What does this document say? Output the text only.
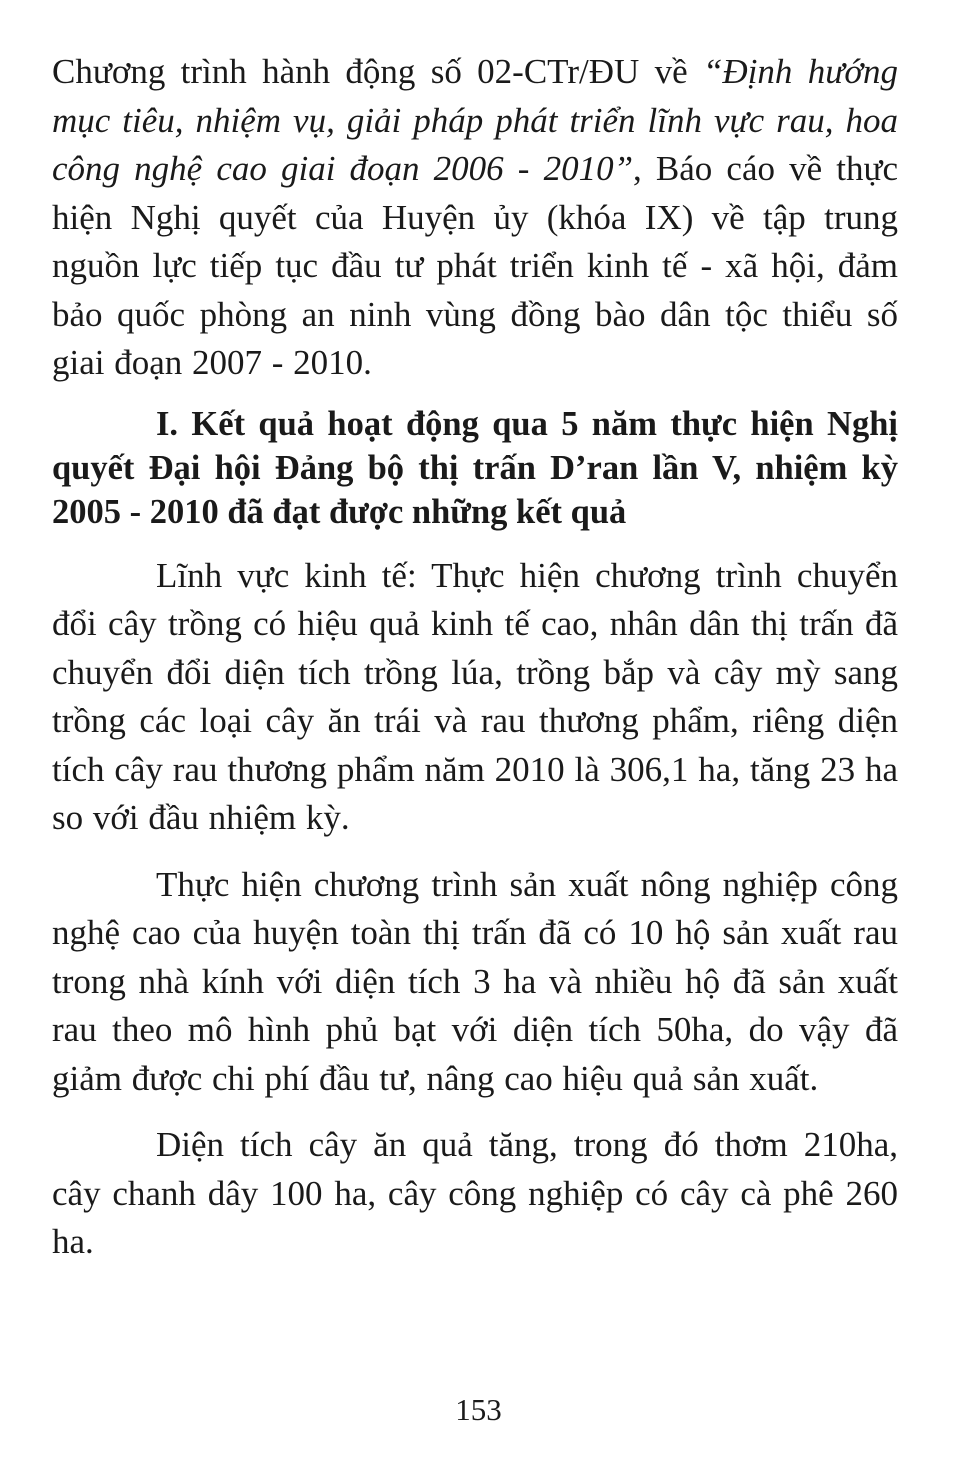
Chương trình hành động số 02-CTr/ĐU về “Định hướng mục tiêu, nhiệm vụ, giải pháp phát triển lĩnh vực rau, hoa công nghệ cao giai đoạn 2006 - 2010”, Báo cáo về thực hiện Nghị quyết của Huyện ủy (khóa IX) về tập trung nguồn lực tiếp tục đầu tư phát triển kinh tế - xã hội, đảm bảo quốc phòng an ninh vùng đồng bào dân tộc thiểu số giai đoạn 2007 - 2010.

I. Kết quả hoạt động qua 5 năm thực hiện Nghị quyết Đại hội Đảng bộ thị trấn D’ran lần V, nhiệm kỳ 2005 - 2010 đã đạt được những kết quả

Lĩnh vực kinh tế: Thực hiện chương trình chuyển đổi cây trồng có hiệu quả kinh tế cao, nhân dân thị trấn đã chuyển đổi diện tích trồng lúa, trồng bắp và cây mỳ sang trồng các loại cây ăn trái và rau thương phẩm, riêng diện tích cây rau thương phẩm năm 2010 là 306,1 ha, tăng 23 ha so với đầu nhiệm kỳ.

Thực hiện chương trình sản xuất nông nghiệp công nghệ cao của huyện toàn thị trấn đã có 10 hộ sản xuất rau trong nhà kính với diện tích 3 ha và nhiều hộ đã sản xuất rau theo mô hình phủ bạt với diện tích 50ha, do vậy đã giảm được chi phí đầu tư, nâng cao hiệu quả sản xuất.

Diện tích cây ăn quả tăng, trong đó thơm 210ha, cây chanh dây 100 ha, cây công nghiệp có cây cà phê 260 ha.

153
